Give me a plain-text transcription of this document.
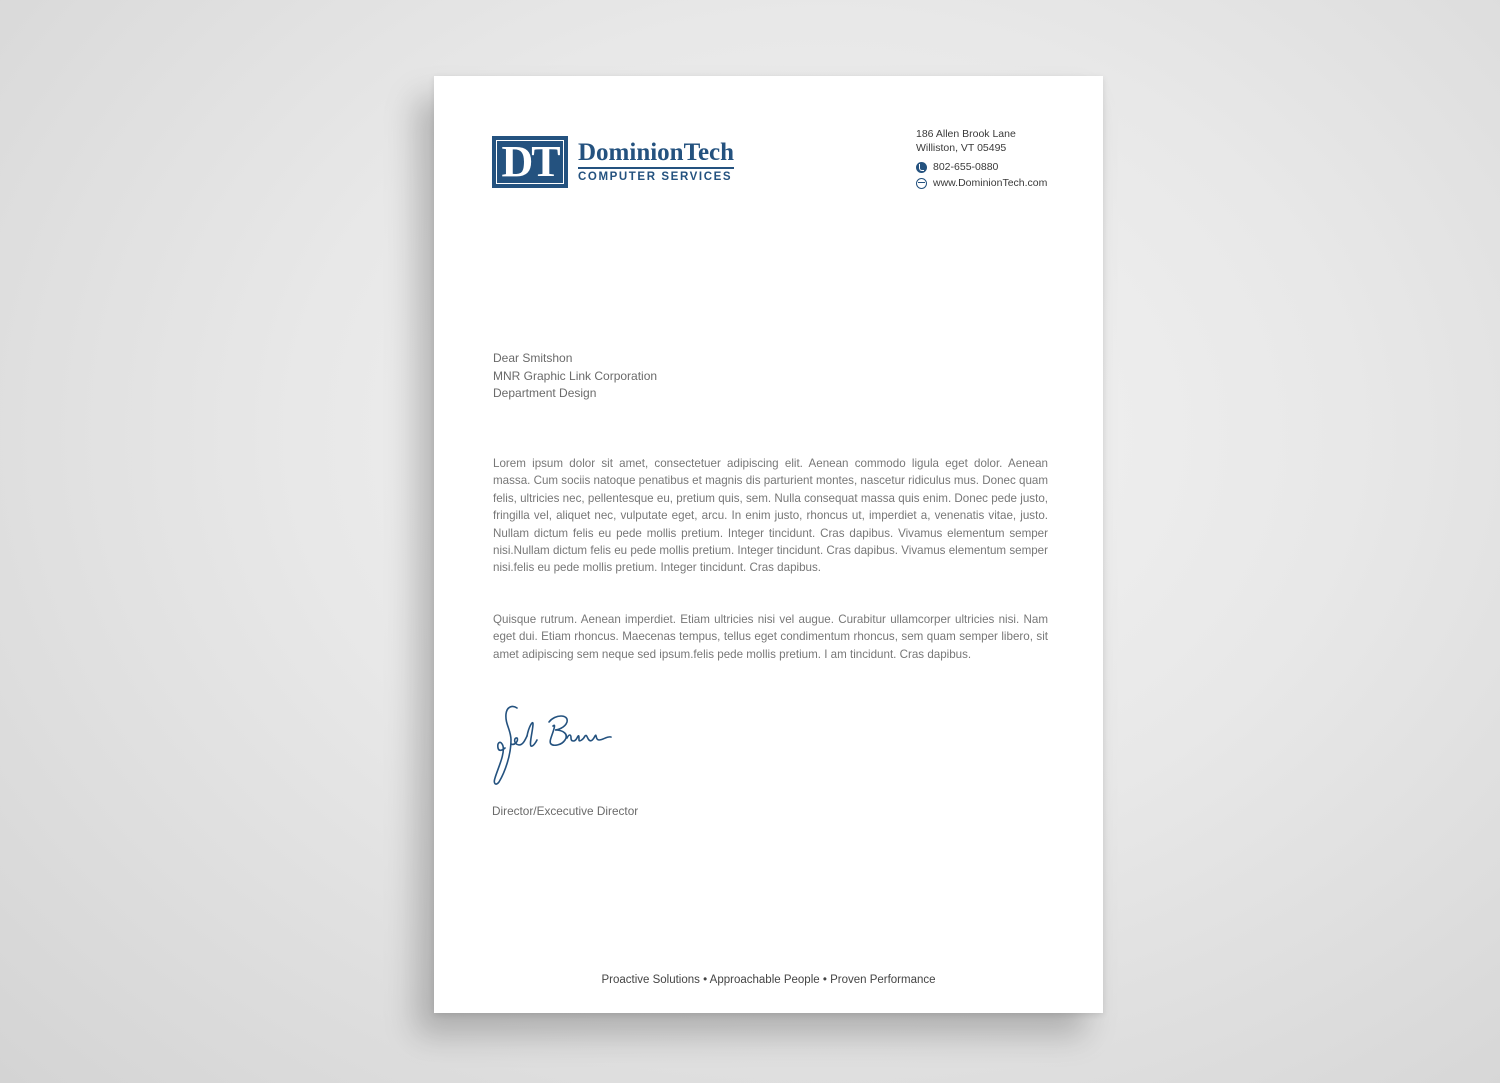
DT DominionTech
COMPUTER SERVICES
186 Allen Brook Lane
Williston, VT 05495
802-655-0880
www.DominionTech.com
Dear Smitshon
MNR Graphic Link Corporation
Department Design

Lorem ipsum dolor sit amet, consectetuer adipiscing elit. Aenean commodo ligula eget dolor. Aenean massa. Cum sociis natoque penatibus et magnis dis parturient montes, nascetur ridiculus mus. Donec quam felis, ultricies nec, pellentesque eu, pretium quis, sem. Nulla consequat massa quis enim. Donec pede justo, fringilla vel, aliquet nec, vulputate eget, arcu. In enim justo, rhoncus ut, imperdiet a, venenatis vitae, justo. Nullam dictum felis eu pede mollis pretium. Integer tincidunt. Cras dapibus. Vivamus elementum semper nisi.Nullam dictum felis eu pede mollis pretium. Integer tincidunt. Cras dapibus. Vivamus elementum semper nisi.felis eu pede mollis pretium. Integer tincidunt. Cras dapibus.

Quisque rutrum. Aenean imperdiet. Etiam ultricies nisi vel augue. Curabitur ullamcorper ultricies nisi. Nam eget dui. Etiam rhoncus. Maecenas tempus, tellus eget condimentum rhoncus, sem quam semper libero, sit amet adipiscing sem neque sed ipsum.felis pede mollis pretium. I am tincidunt. Cras dapibus.

Director/Excecutive Director
Proactive Solutions • Approachable People • Proven Performance
